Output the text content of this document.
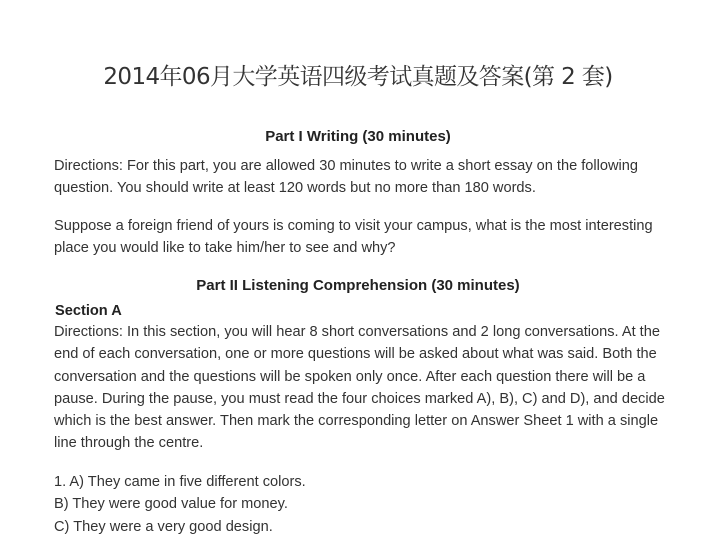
2014年06月大学英语四级考试真题及答案(第 2 套)
Part I Writing (30 minutes)

Directions: For this part, you are allowed 30 minutes to write a short essay on the following question. You should write at least 120 words but no more than 180 words.

Suppose a foreign friend of yours is coming to visit your campus, what is the most interesting place you would like to take him/her to see and why?

Part II Listening Comprehension (30 minutes)
Section A

Directions: In this section, you will hear 8 short conversations and 2 long conversations. At the end of each conversation, one or more questions will be asked about what was said. Both the conversation and the questions will be spoken only once. After each question there will be a pause. During the pause, you must read the four choices marked A), B), C) and D), and decide which is the best answer. Then mark the corresponding letter on Answer Sheet 1 with a single line through the centre.

1. A) They came in five different colors.
B) They were good value for money.
C) They were a very good design.
